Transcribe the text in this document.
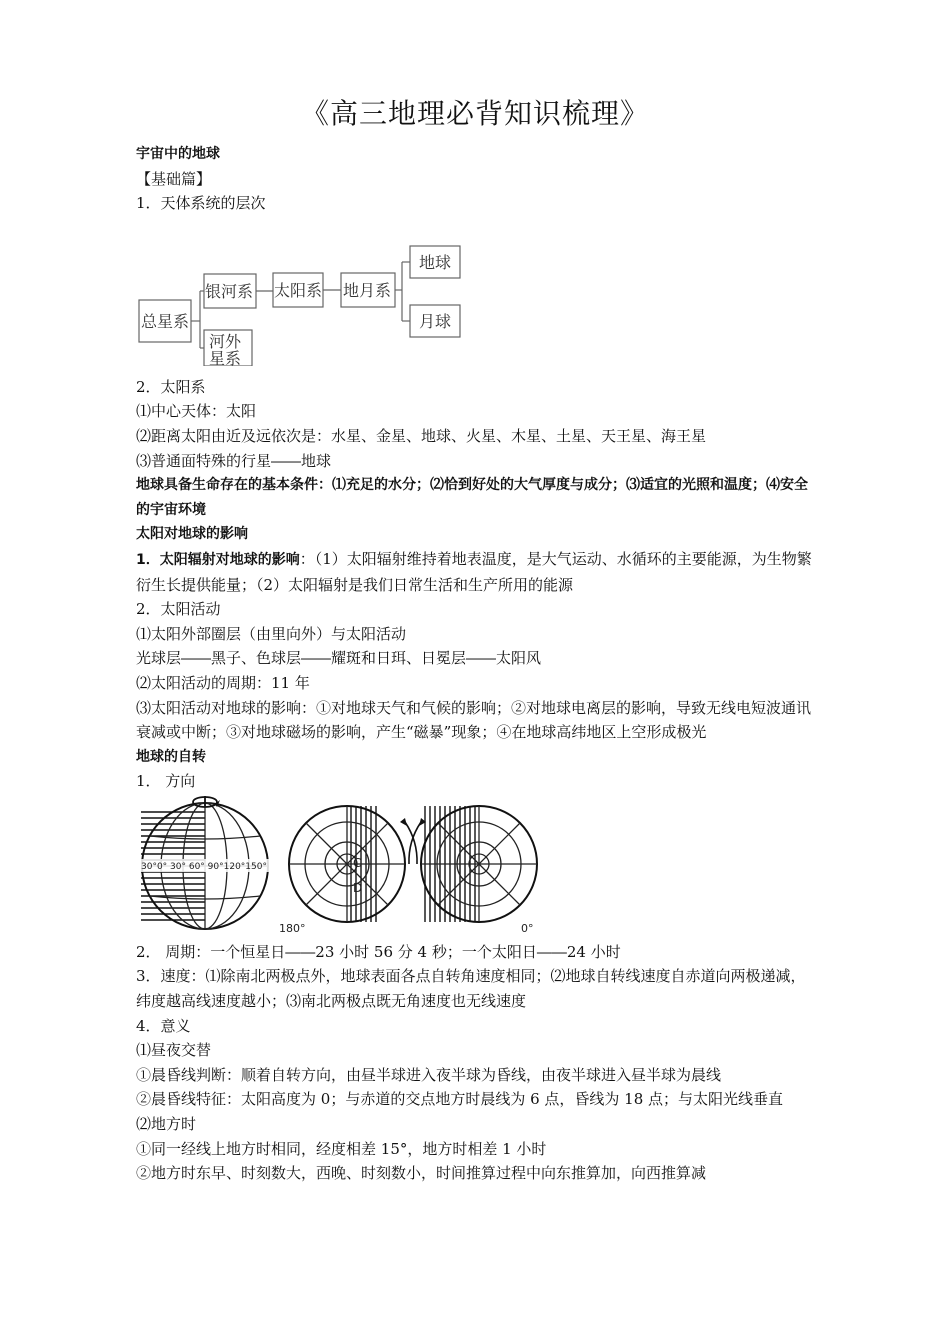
《高三地理必背知识梳理》

宇宙中的地球

【基础篇】

1．天体系统的层次

总星系
银河系 太阳系 地月系
地球
月球
河外
星系

2．太阳系

⑴中心天体：太阳

⑵距离太阳由近及远依次是：水星、金星、地球、火星、木星、土星、天王星、海王星

⑶普通面特殊的行星――地球

地球具备生命存在的基本条件：⑴充足的水分；⑵恰到好处的大气厚度与成分；⑶适宜的光照和温度；⑷安全的宇宙环境

太阳对地球的影响

1．太阳辐射对地球的影响：（1）太阳辐射维持着地表温度，是大气运动、水循环的主要能源，为生物繁衍生长提供能量；（2）太阳辐射是我们日常生活和生产所用的能源

2．太阳活动

⑴太阳外部圈层（由里向外）与太阳活动

光球层――黑子、色球层――耀斑和日珥、日冕层――太阳风

⑵太阳活动的周期：11 年

⑶太阳活动对地球的影响：①对地球天气和气候的影响；②对地球电离层的影响，导致无线电短波通讯衰减或中断；③对地球磁场的影响，产生“磁暴”现象；④在地球高纬地区上空形成极光

地球的自转

1． 方向

30°0° 30° 60° 90°120°150°	C
D
180°	0°

2． 周期：一个恒星日――23 小时 56 分 4 秒；一个太阳日――24 小时

3．速度：⑴除南北两极点外，地球表面各点自转角速度相同；⑵地球自转线速度自赤道向两极递减，纬度越高线速度越小；⑶南北两极点既无角速度也无线速度

4．意义

⑴昼夜交替

①晨昏线判断：顺着自转方向，由昼半球进入夜半球为昏线，由夜半球进入昼半球为晨线

②晨昏线特征：太阳高度为 0；与赤道的交点地方时晨线为 6 点，昏线为 18 点；与太阳光线垂直

⑵地方时

①同一经线上地方时相同，经度相差 15°，地方时相差 1 小时

②地方时东早、时刻数大，西晚、时刻数小，时间推算过程中向东推算加，向西推算减
